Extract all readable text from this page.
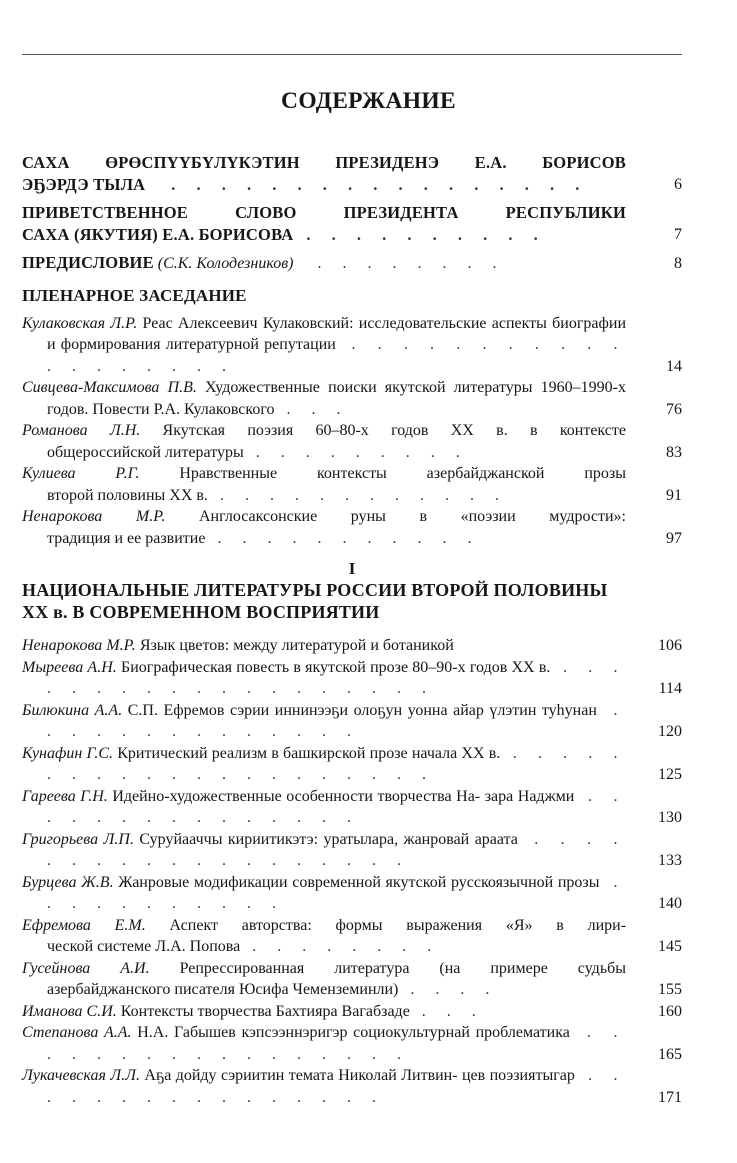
СОДЕРЖАНИЕ
САХА ӨРӨСПҮҮБҮЛҮКЭТИН ПРЕЗИДЕНЭ Е.А. БОРИСОВ
ЭҔЭРДЭ ТЫЛА . . . . . . . . . . . . . . . . .	6
ПРИВЕТСТВЕННОЕ СЛОВО ПРЕЗИДЕНТА РЕСПУБЛИКИ
САХА (ЯКУТИЯ) Е.А. БОРИСОВА . . . . . . . . . .	7
ПРЕДИСЛОВИЕ (С.К. Колодезников) . . . . . . . .	8
ПЛЕНАРНОЕ ЗАСЕДАНИЕ
Кулаковская Л.Р. Реас Алексеевич Кулаковский: исследовательские аспекты биографии и формирования литературной репутации . . . . . . . . . . . . . . . . . . .	14
Сивцева-Максимова П.В. Художественные поиски якутской литературы 1960–1990-х годов. Повести Р.А. Кулаковского . . .	76
Романова Л.Н. Якутская поэзия 60–80-х годов XX в. в контексте общероссийской литературы . . . . . . . . .	83
Кулиева Р.Г. Нравственные контексты азербайджанской прозы второй половины XX в. . . . . . . . . . . . .	91
Ненарокова М.Р. Англосаксонские руны в «поэзии мудрости»: традиция и ее развитие . . . . . . . . . . .	97
I
НАЦИОНАЛЬНЫЕ ЛИТЕРАТУРЫ РОССИИ ВТОРОЙ ПОЛОВИНЫ XX в. В СОВРЕМЕННОМ ВОСПРИЯТИИ
Ненарокова М.Р. Язык цветов: между литературой и ботаникой	106
Мыреева А.Н. Биографическая повесть в якутской прозе 80–90-х годов XX в. . . . . . . . . . . . . . . . . . . .	114
Билюкина А.А. С.П. Ефремов сэрии иннинээҕи олоҕун уонна айар үлэтин туһунан . . . . . . . . . . . . . .	120
Кунафин Г.С. Критический реализм в башкирской прозе начала XX в. . . . . . . . . . . . . . . . . . . . . .	125
Гареева Г.Н. Идейно-художественные особенности творчества На- зара Наджми . . . . . . . . . . . . . . .	130
Григорьева Л.П. Суруйааччы кириитикэтэ: уратылара, жанровай араата . . . . . . . . . . . . . . . . . . .	133
Бурцева Ж.В. Жанровые модификации современной якутской русскоязычной прозы . . . . . . . . . . .	140
Ефремова Е.М. Аспект авторства: формы выражения «Я» в лири- ческой системе Л.А. Попова . . . . . . . .	145
Гусейнова А.И. Репрессированная литература (на примере судьбы азербайджанского писателя Юсифа Чеменземинли) . . . .	155
Иманова С.И. Контексты творчества Бахтияра Вагабзаде . . .	160
Степанова А.А. Н.А. Габышев кэпсээннэригэр социокультурнай проблематика . . . . . . . . . . . . . . . . .	165
Лукачевская Л.Л. Аҕа дойду сэриитин темата Николай Литвин- цев поэзиятыгар . . . . . . . . . . . . . . . .	171
